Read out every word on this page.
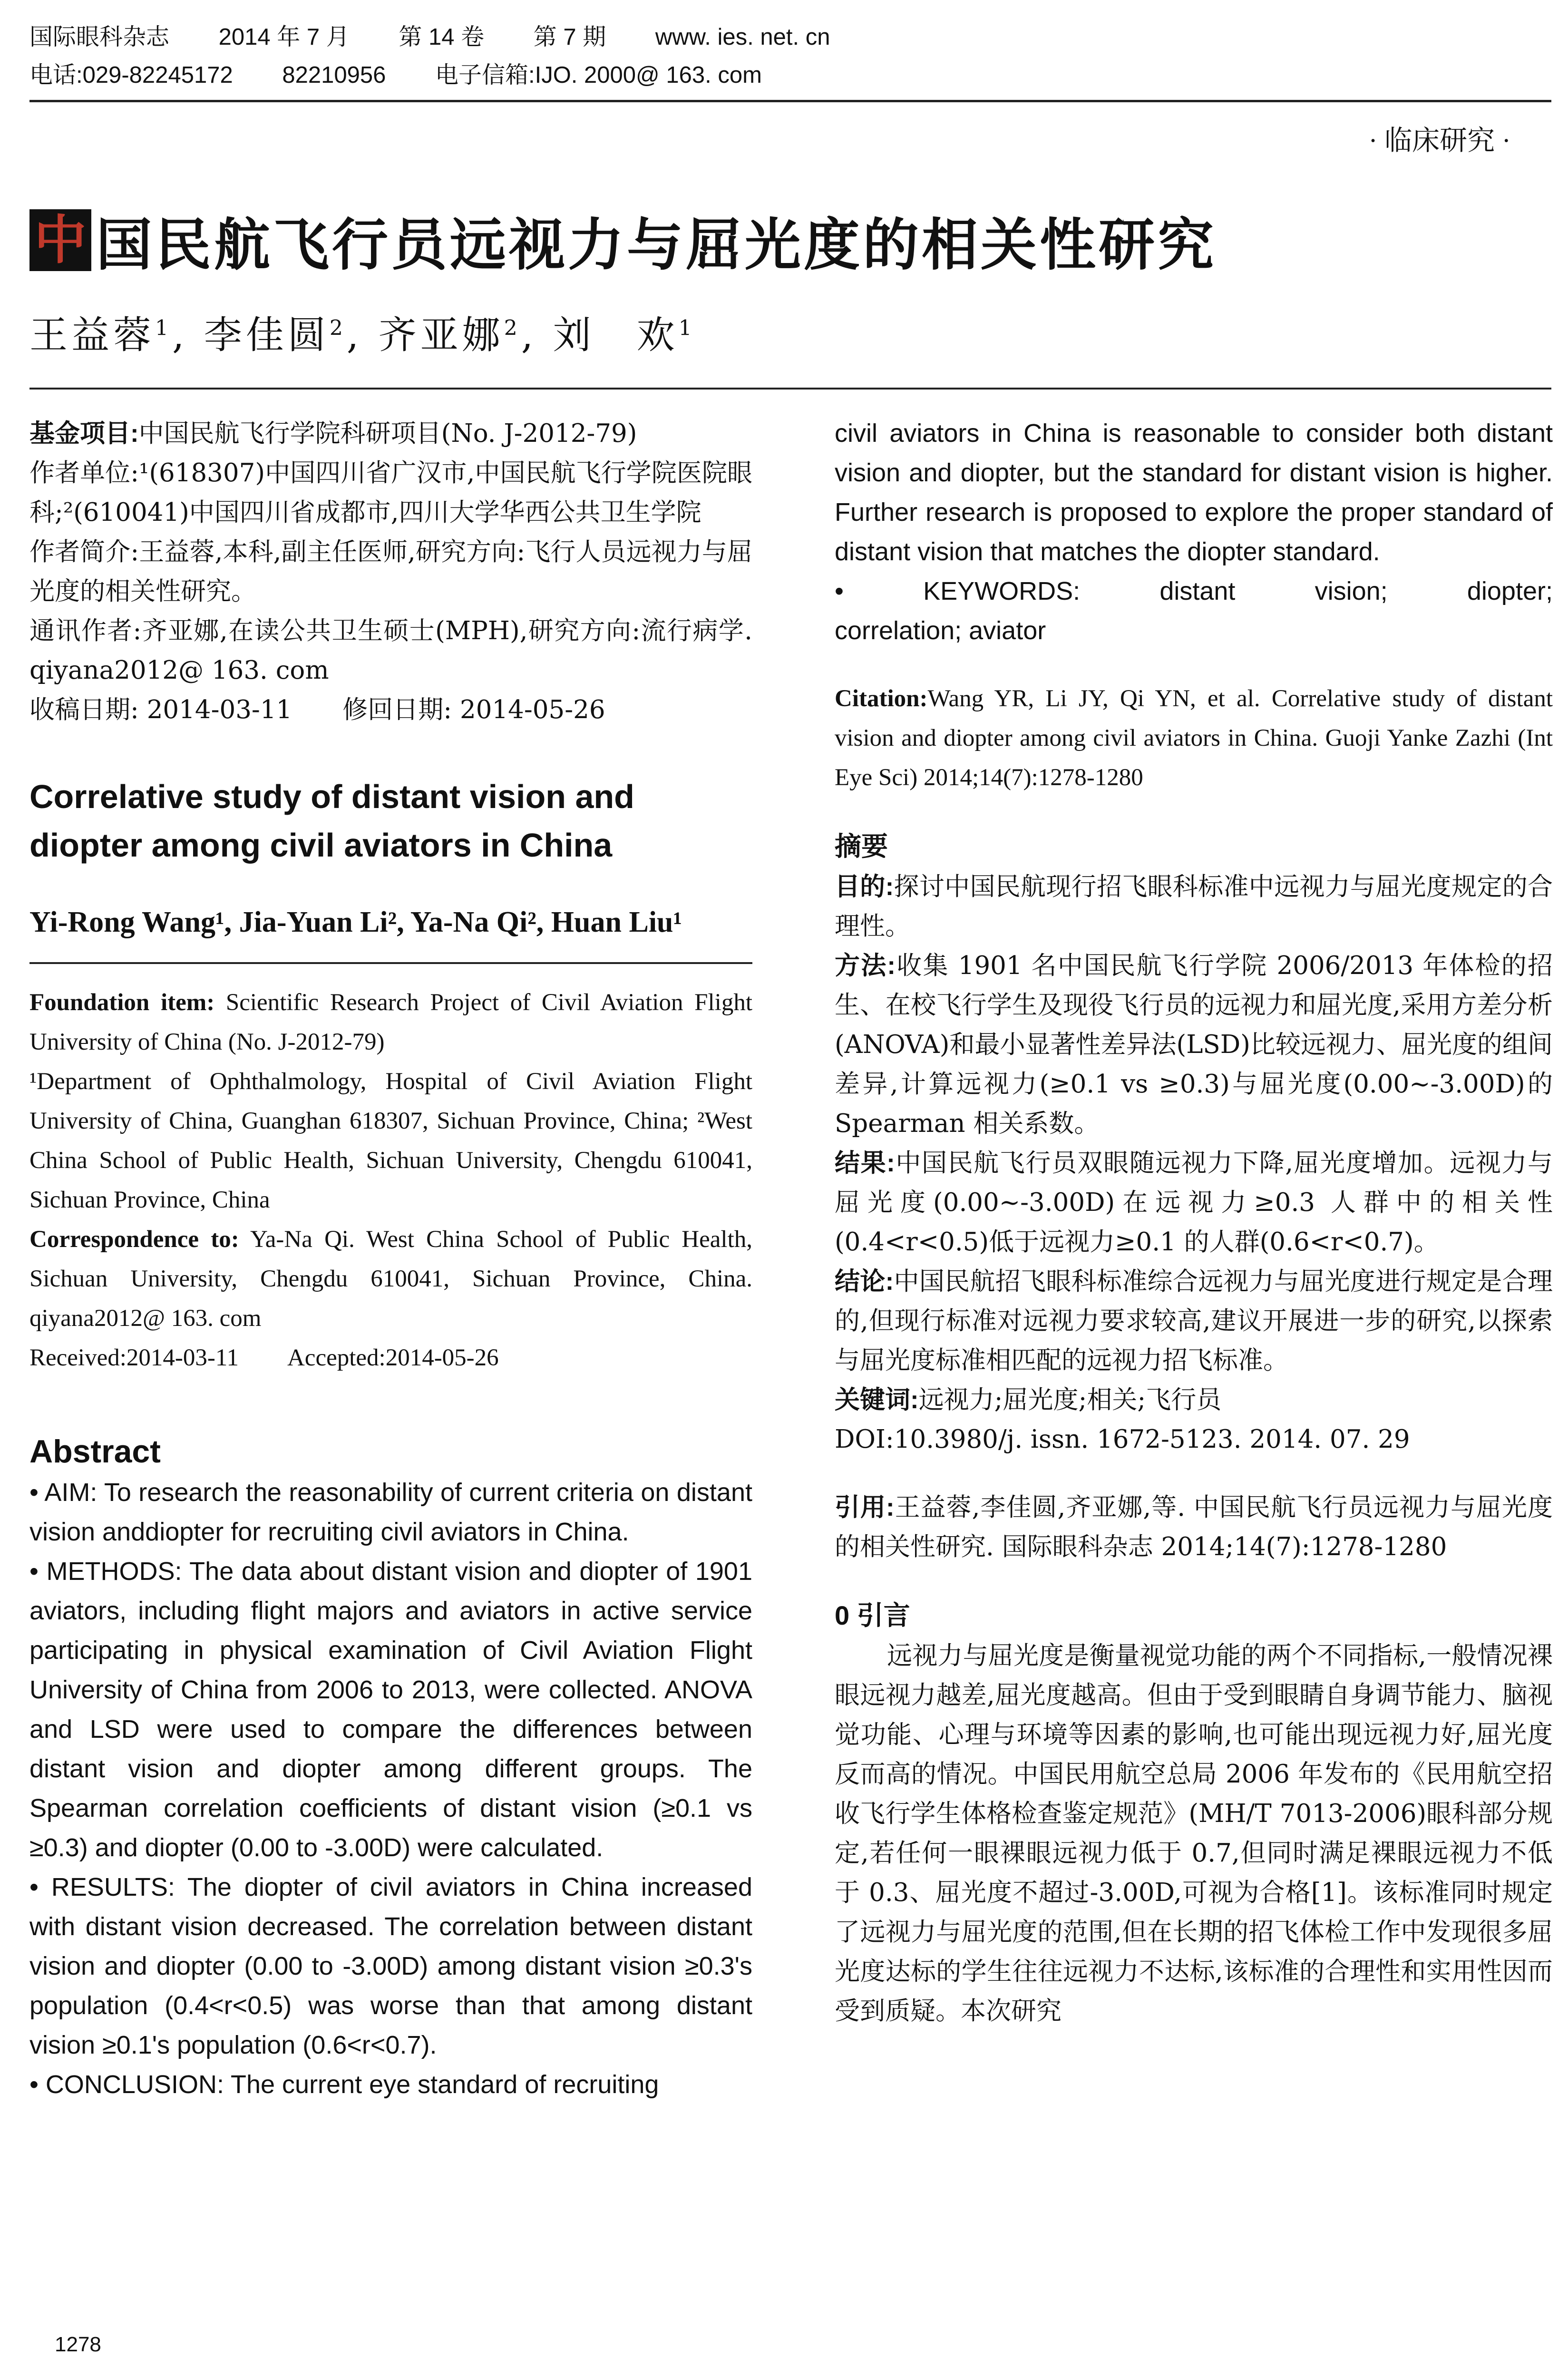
国际眼科杂志 2014 年 7 月 第 14 卷 第 7 期 www. ies. net. cn
电话:029-82245172 82210956 电子信箱:IJO. 2000@ 163. com
· 临床研究 ·
中 国民航飞行员远视力与屈光度的相关性研究
王益蓉$^1$, 李佳圆$^2$, 齐亚娜$^2$, 刘　欢$^1$

基金项目:中国民航飞行学院科研项目(No. J-2012-79)

作者单位:¹(618307)中国四川省广汉市,中国民航飞行学院医院眼科;²(610041)中国四川省成都市,四川大学华西公共卫生学院

作者简介:王益蓉,本科,副主任医师,研究方向:飞行人员远视力与屈光度的相关性研究。

通讯作者:齐亚娜,在读公共卫生硕士(MPH),研究方向:流行病学. qiyana2012@ 163. com

收稿日期: 2014-03-11　　修回日期: 2014-05-26

Correlative study of distant vision and diopter among civil aviators in China
Yi-Rong Wang¹, Jia-Yuan Li², Ya-Na Qi², Huan Liu¹

Foundation item: Scientific Research Project of Civil Aviation Flight University of China (No. J-2012-79)

¹Department of Ophthalmology, Hospital of Civil Aviation Flight University of China, Guanghan 618307, Sichuan Province, China; ²West China School of Public Health, Sichuan University, Chengdu 610041, Sichuan Province, China

Correspondence to: Ya-Na Qi. West China School of Public Health, Sichuan University, Chengdu 610041, Sichuan Province, China. qiyana2012@ 163. com

Received:2014-03-11　　Accepted:2014-05-26

Abstract

• AIM: To research the reasonability of current criteria on distant vision anddiopter for recruiting civil aviators in China.

• METHODS: The data about distant vision and diopter of 1901 aviators, including flight majors and aviators in active service participating in physical examination of Civil Aviation Flight University of China from 2006 to 2013, were collected. ANOVA and LSD were used to compare the differences between distant vision and diopter among different groups. The Spearman correlation coefficients of distant vision (≥0.1 vs ≥0.3) and diopter (0.00 to -3.00D) were calculated.

• RESULTS: The diopter of civil aviators in China increased with distant vision decreased. The correlation between distant vision and diopter (0.00 to -3.00D) among distant vision ≥0.3's population (0.4<r<0.5) was worse than that among distant vision ≥0.1's population (0.6<r<0.7).

• CONCLUSION: The current eye standard of recruiting

civil aviators in China is reasonable to consider both distant vision and diopter, but the standard for distant vision is higher. Further research is proposed to explore the proper standard of distant vision that matches the diopter standard.

•	KEYWORDS:	distant	vision;	diopter;

correlation; aviator

Citation:Wang YR, Li JY, Qi YN, et al. Correlative study of distant vision and diopter among civil aviators in China. Guoji Yanke Zazhi (Int Eye Sci) 2014;14(7):1278-1280

摘要

目的:探讨中国民航现行招飞眼科标准中远视力与屈光度规定的合理性。

方法:收集 1901 名中国民航飞行学院 2006/2013 年体检的招生、在校飞行学生及现役飞行员的远视力和屈光度,采用方差分析(ANOVA)和最小显著性差异法(LSD)比较远视力、屈光度的组间差异,计算远视力(≥0.1 vs ≥0.3)与屈光度(0.00~-3.00D)的 Spearman 相关系数。

结果:中国民航飞行员双眼随远视力下降,屈光度增加。远视力与屈光度(0.00~-3.00D)在远视力≥0.3 人群中的相关性(0.4<r<0.5)低于远视力≥0.1 的人群(0.6<r<0.7)。

结论:中国民航招飞眼科标准综合远视力与屈光度进行规定是合理的,但现行标准对远视力要求较高,建议开展进一步的研究,以探索与屈光度标准相匹配的远视力招飞标准。

关键词:远视力;屈光度;相关;飞行员

DOI:10.3980/j. issn. 1672-5123. 2014. 07. 29

引用:王益蓉,李佳圆,齐亚娜,等. 中国民航飞行员远视力与屈光度的相关性研究. 国际眼科杂志 2014;14(7):1278-1280

0 引言

远视力与屈光度是衡量视觉功能的两个不同指标,一般情况裸眼远视力越差,屈光度越高。但由于受到眼睛自身调节能力、脑视觉功能、心理与环境等因素的影响,也可能出现远视力好,屈光度反而高的情况。中国民用航空总局 2006 年发布的《民用航空招收飞行学生体格检查鉴定规范》(MH/T 7013-2006)眼科部分规定,若任何一眼裸眼远视力低于 0.7,但同时满足裸眼远视力不低于 0.3、屈光度不超过-3.00D,可视为合格[1]。该标准同时规定了远视力与屈光度的范围,但在长期的招飞体检工作中发现很多屈光度达标的学生往往远视力不达标,该标准的合理性和实用性因而受到质疑。本次研究

1278
